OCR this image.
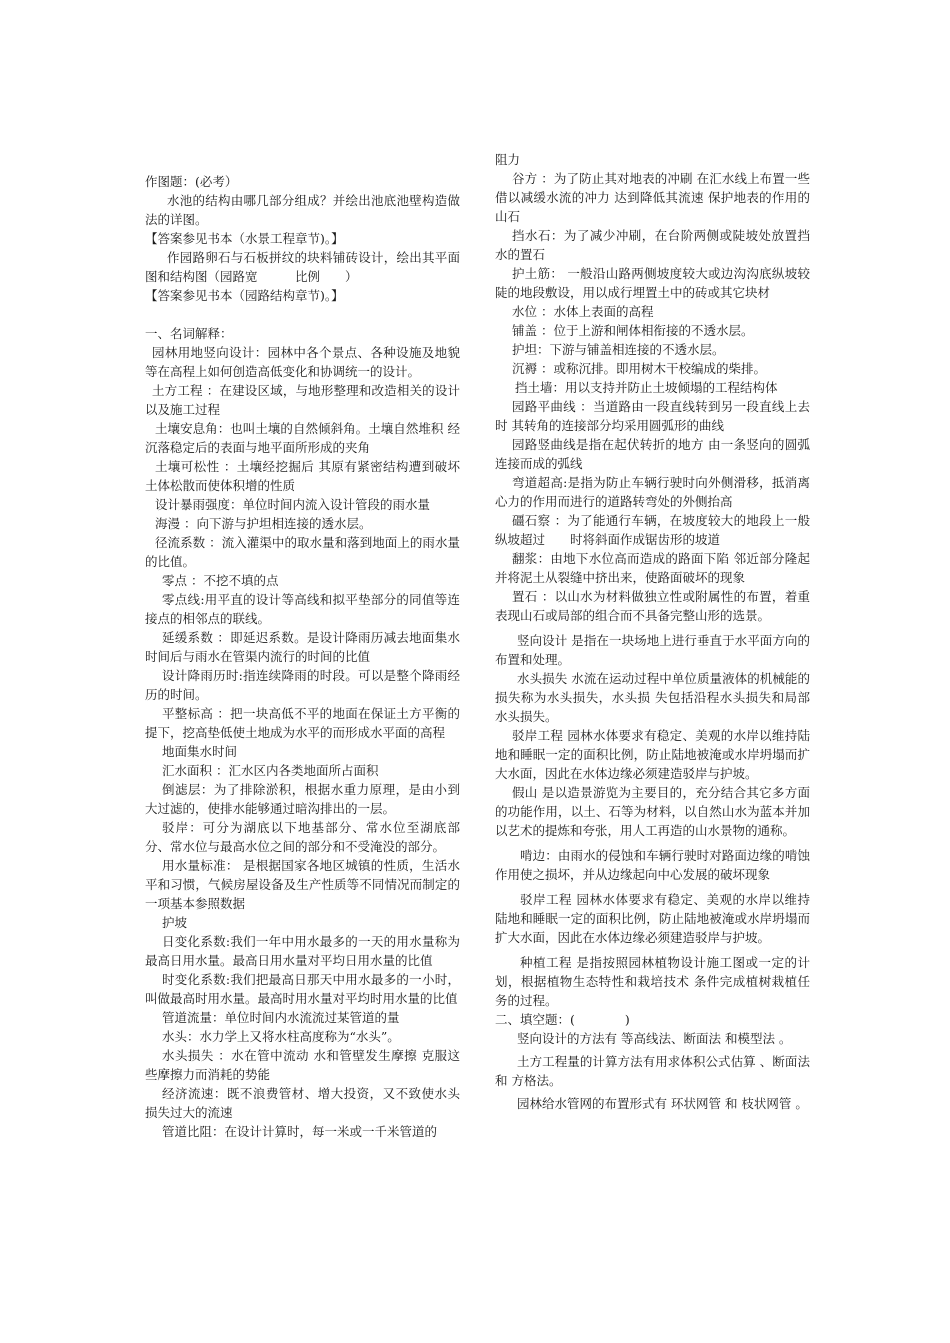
作图题：(必考）
水池的结构由哪几部分组成？并绘出池底池壁构造做法的详图。
【答案参见书本（水景工程章节)。】
作园路卵石与石板拼纹的块料铺砖设计，绘出其平面图和结构图（园路宽　　　比例　　）
【答案参见书本（园路结构章节)。】
一、名词解释：
园林用地竖向设计：园林中各个景点、各种设施及地貌等在高程上如何创造高低变化和协调统一的设计。
土方工程 ：在建设区域，与地形整理和改造相关的设计以及施工过程
土壤安息角：也叫土壤的自然倾斜角。土壤自然堆积 经沉落稳定后的表面与地平面所形成的夹角
土壤可松性 ：土壤经挖掘后 其原有紧密结构遭到破坏 土体松散而使体积增的性质
设计暴雨强度：单位时间内流入设计管段的雨水量
海漫 ：向下游与护坦相连接的透水层。
径流系数 ：流入灌渠中的取水量和落到地面上的雨水量的比值。
零点 ：不挖不填的点
零点线:用平直的设计等高线和拟平垫部分的同值等连接点的相邻点的联线。
延缓系数 ：即延迟系数。是设计降雨历减去地面集水时间后与雨水在管渠内流行的时间的比值
设计降雨历时:指连续降雨的时段。可以是整个降雨经历的时间。
平整标高 ：把一块高低不平的地面在保证土方平衡的提下，挖高垫低使土地成为水平的而形成水平面的高程
地面集水时间
汇水面积 ：汇水区内各类地面所占面积
倒滤层：为了排除淤积，根据水重力原理，是由小到大过滤的，使排水能够通过暗沟排出的一层。
驳岸：可分为湖底以下地基部分、常水位至湖底部分、常水位与最高水位之间的部分和不受淹没的部分。
用水量标准： 是根据国家各地区城镇的性质，生活水平和习惯，气候房屋设备及生产性质等不同情况而制定的一项基本参照数据
护坡
日变化系数:我们一年中用水最多的一天的用水量称为最高日用水量。最高日用水量对平均日用水量的比值
时变化系数:我们把最高日那天中用水最多的一小时，叫做最高时用水量。最高时用水量对平均时用水量的比值
管道流量：单位时间内水流流过某管道的量
水头：水力学上又将水柱高度称为“水头”。
水头损失 ：水在管中流动 水和管壁发生摩擦 克服这些摩擦力而消耗的势能
经济流速：既不浪费管材、增大投资，又不致使水头损失过大的流速
管道比阻：在设计计算时，每一米或一千米管道的
阻力
谷方 ：为了防止其对地表的冲刷 在汇水线上布置一些借以减缓水流的冲力 达到降低其流速 保护地表的作用的山石
挡水石：为了减少冲刷，在台阶两侧或陡坡处放置挡水的置石
护土筋： 一般沿山路两侧坡度较大或边沟沟底纵坡较陡的地段敷设，用以成行埋置土中的砖或其它块材
水位 ：水体上表面的高程
铺盖 ：位于上游和闸体相衔接的不透水层。
护坦：下游与铺盖相连接的不透水层。
沉褥 ：或称沉排。即用树木干校编成的柴排。
挡土墙：用以支持并防止土坡倾塌的工程结构体
园路平曲线 ：当道路由一段直线转到另一段直线上去时 其转角的连接部分均采用圆弧形的曲线
园路竖曲线是指在起伏转折的地方 由一条竖向的圆弧连接而成的弧线
弯道超高:是指为防止车辆行驶时向外侧滑移，抵消离心力的作用而进行的道路转弯处的外侧抬高
礓石察 ：为了能通行车辆，在坡度较大的地段上一般纵坡超过　　时将斜面作成锯齿形的坡道
翻浆：由地下水位高而造成的路面下陷 邻近部分隆起 并将泥土从裂缝中挤出来，使路面破坏的现象
置石 ：以山水为材料做独立性或附属性的布置，着重表现山石或局部的组合而不具备完整山形的选景。
竖向设计 是指在一块场地上进行垂直于水平面方向的布置和处理。
水头损失 水流在运动过程中单位质量液体的机械能的损失称为水头损失，水头损 失包括沿程水头损失和局部水头损失。
驳岸工程 园林水体要求有稳定、美观的水岸以维持陆地和睡眠一定的面积比例，防止陆地被淹或水岸坍塌而扩大水面，因此在水体边缘必须建造驳岸与护坡。
假山 是以造景游览为主要目的，充分结合其它多方面的功能作用，以土、石等为材料，以自然山水为蓝本并加以艺术的提炼和夸张，用人工再造的山水景物的通称。
啃边：由雨水的侵蚀和车辆行驶时对路面边缘的啃蚀作用使之损坏，并从边缘起向中心发展的破坏现象
驳岸工程 园林水体要求有稳定、美观的水岸以维持陆地和睡眠一定的面积比例，防止陆地被淹或水岸坍塌而扩大水面，因此在水体边缘必须建造驳岸与护坡。
种植工程 是指按照园林植物设计施工图或一定的计划，根据植物生态特性和栽培技术 条件完成植树栽植任务的过程。
二、填空题：(　　　　)
竖向设计的方法有 等高线法、断面法 和模型法 。
土方工程量的计算方法有用求体积公式估算 、断面法 和 方格法。
园林给水管网的布置形式有 环状网管 和 枝状网管 。
